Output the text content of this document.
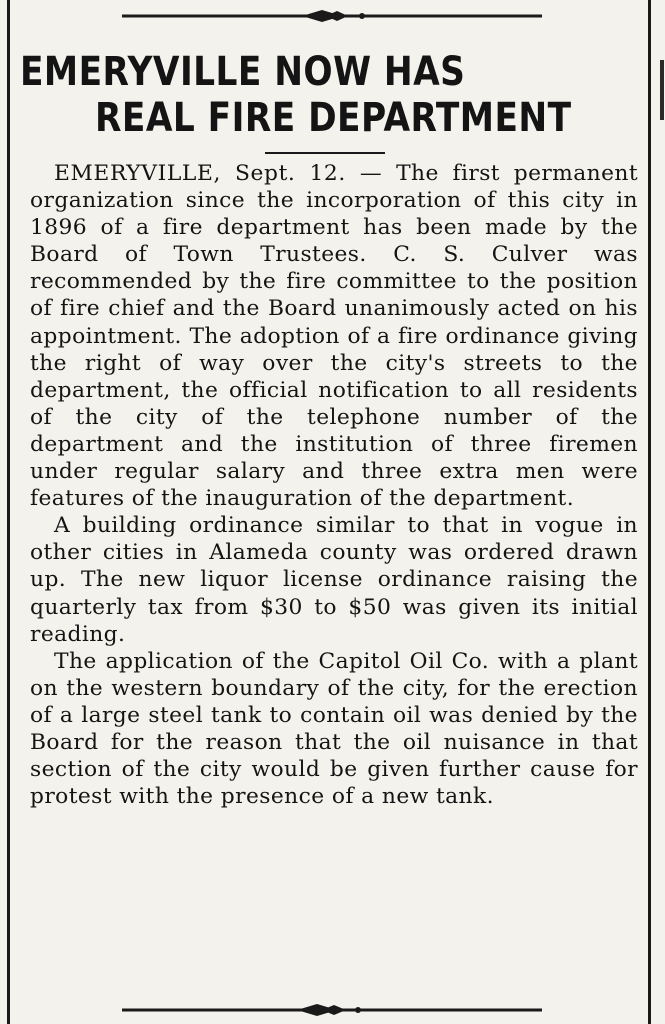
EMERYVILLE NOW HAS
REAL FIRE DEPARTMENT

EMERYVILLE, Sept. 12. — The first permanent organization since the incorporation of this city in 1896 of a fire department has been made by the Board of Town Trustees. C. S. Culver was recommended by the fire committee to the position of fire chief and the Board unanimously acted on his appointment. The adoption of a fire ordinance giving the right of way over the city's streets to the department, the official notification to all residents of the city of the telephone number of the department and the institution of three firemen under regular salary and three extra men were features of the inauguration of the department.

A building ordinance similar to that in vogue in other cities in Alameda county was ordered drawn up. The new liquor license ordinance raising the quarterly tax from $30 to $50 was given its initial reading.

The application of the Capitol Oil Co. with a plant on the western boundary of the city, for the erection of a large steel tank to contain oil was denied by the Board for the reason that the oil nuisance in that section of the city would be given further cause for protest with the presence of a new tank.
